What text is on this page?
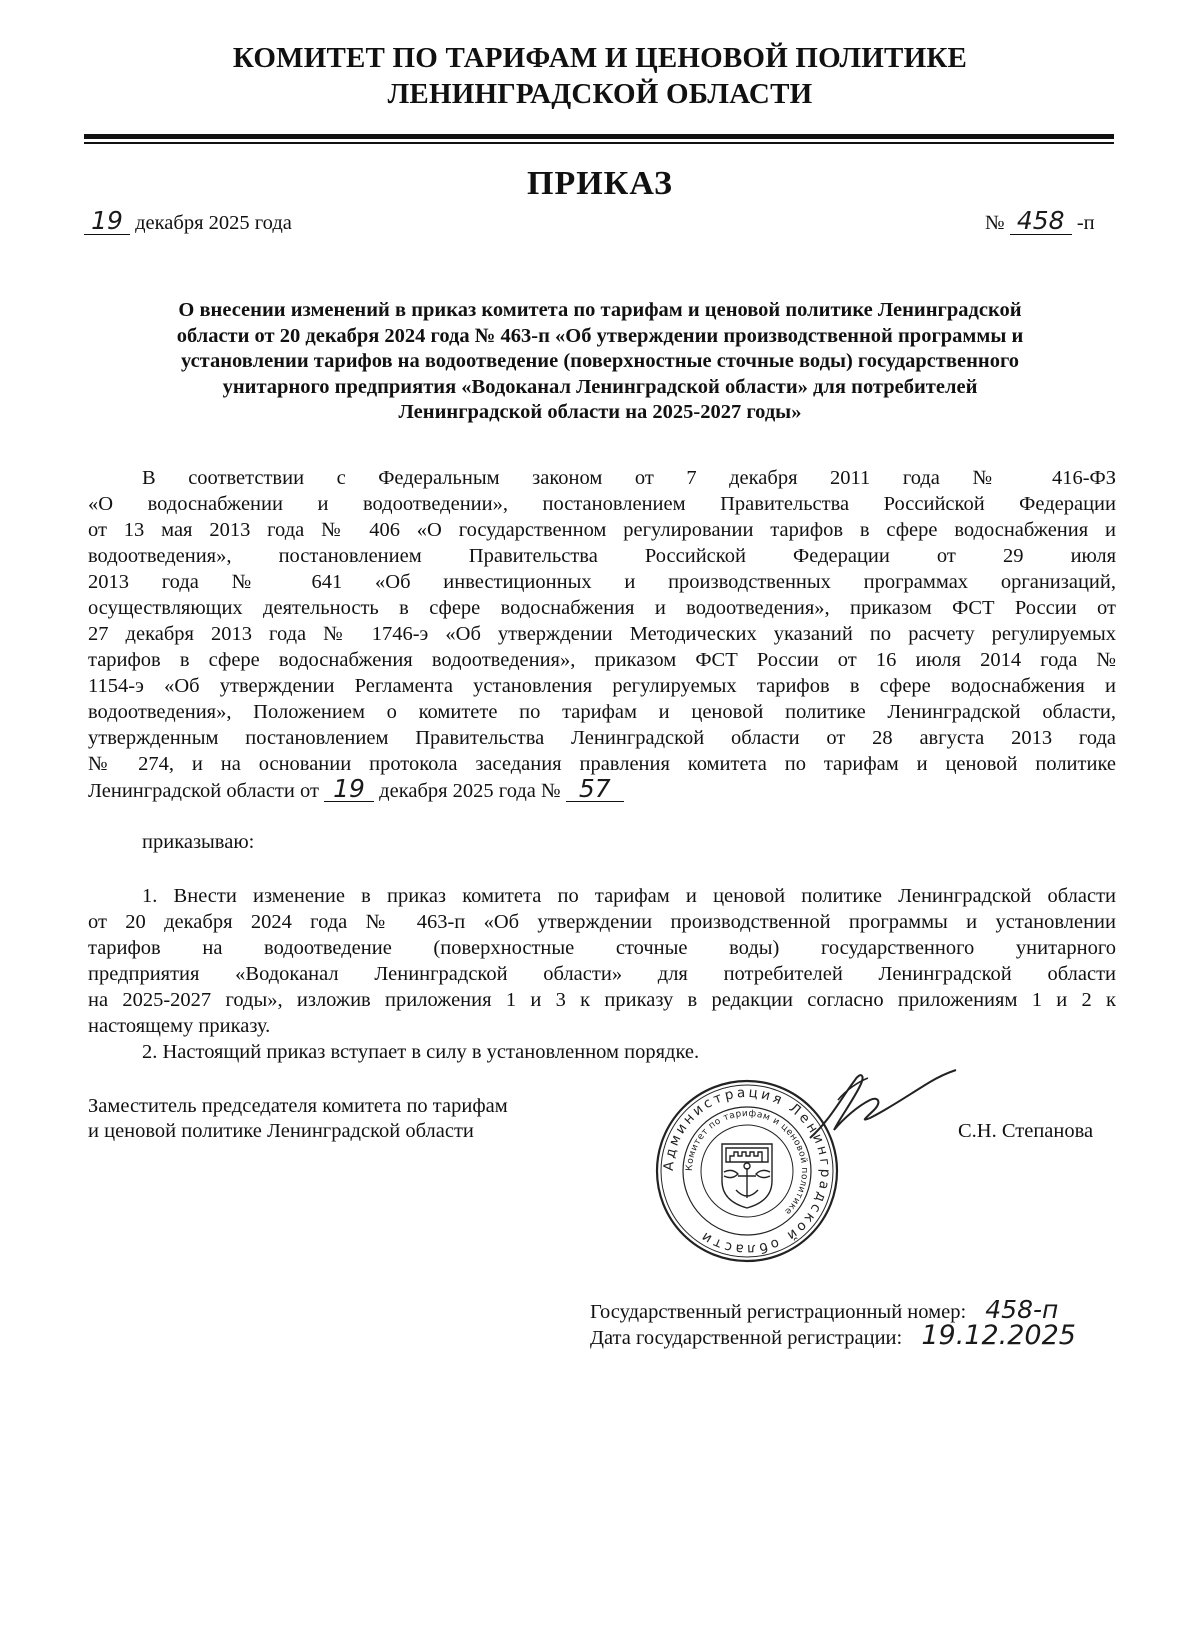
КОМИТЕТ ПО ТАРИФАМ И ЦЕНОВОЙ ПОЛИТИКЕ
ЛЕНИНГРАДСКОЙ ОБЛАСТИ
ПРИКАЗ
19 декабря 2025 года	№ 458 -п
О внесении изменений в приказ комитета по тарифам и ценовой политике Ленинградской
области от 20 декабря 2024 года № 463-п «Об утверждении производственной программы и
установлении тарифов на водоотведение (поверхностные сточные воды) государственного
унитарного предприятия «Водоканал Ленинградской области» для потребителей
Ленинградской области на 2025-2027 годы»
В соответствии с Федеральным законом от 7 декабря 2011 года № 416-ФЗ
«О водоснабжении и водоотведении», постановлением Правительства Российской Федерации
от 13 мая 2013 года № 406 «О государственном регулировании тарифов в сфере водоснабжения и
водоотведения», постановлением Правительства Российской Федерации от 29 июля
2013 года № 641 «Об инвестиционных и производственных программах организаций,
осуществляющих деятельность в сфере водоснабжения и водоотведения», приказом ФСТ России от
27 декабря 2013 года № 1746-э «Об утверждении Методических указаний по расчету регулируемых
тарифов в сфере водоснабжения водоотведения», приказом ФСТ России от 16 июля 2014 года №
1154-э «Об утверждении Регламента установления регулируемых тарифов в сфере водоснабжения и
водоотведения», Положением о комитете по тарифам и ценовой политике Ленинградской области,
утвержденным постановлением Правительства Ленинградской области от 28 августа 2013 года
№ 274, и на основании протокола заседания правления комитета по тарифам и ценовой политике
Ленинградской области от 19 декабря 2025 года № 57
приказываю:
1. Внести изменение в приказ комитета по тарифам и ценовой политике Ленинградской области
от 20 декабря 2024 года № 463-п «Об утверждении производственной программы и установлении
тарифов на водоотведение (поверхностные сточные воды) государственного унитарного
предприятия «Водоканал Ленинградской области» для потребителей Ленинградской области
на 2025-2027 годы», изложив приложения 1 и 3 к приказу в редакции согласно приложениям 1 и 2 к
настоящему приказу.
2. Настоящий приказ вступает в силу в установленном порядке.
Заместитель председателя комитета по тарифам
и ценовой политике Ленинградской области	С.Н. Степанова
Администрация Ленинградской области
Комитет по тарифам и ценовой политике
Государственный регистрационный номер: 458-п
Дата государственной регистрации: 19.12.2025
